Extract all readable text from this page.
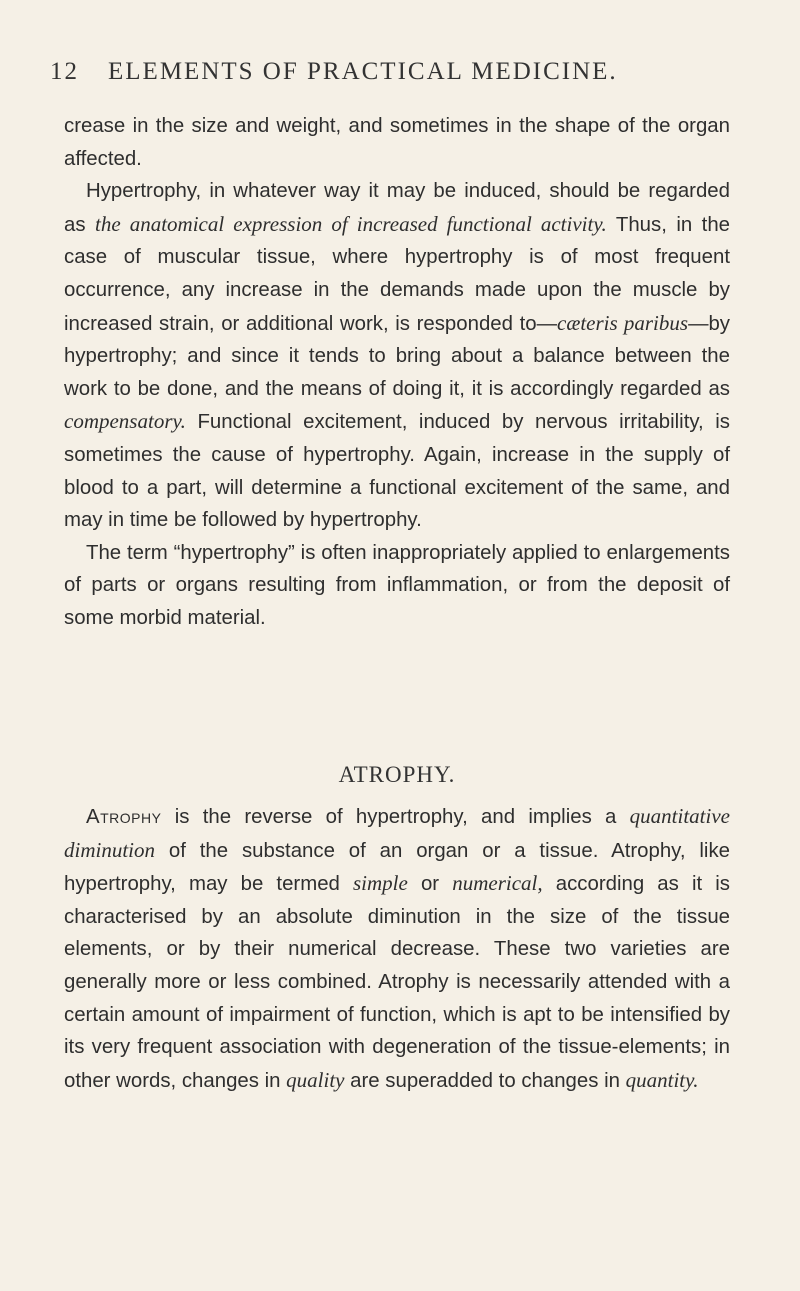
12 ELEMENTS OF PRACTICAL MEDICINE.

crease in the size and weight, and sometimes in the shape of the organ affected.

Hypertrophy, in whatever way it may be induced, should be regarded as the anatomical expression of increased functional activity. Thus, in the case of muscular tissue, where hypertrophy is of most frequent occurrence, any increase in the demands made upon the muscle by increased strain, or additional work, is responded to—cæteris paribus—by hypertrophy; and since it tends to bring about a balance between the work to be done, and the means of doing it, it is accordingly regarded as compensatory. Functional excitement, induced by nervous irritability, is sometimes the cause of hypertrophy. Again, increase in the supply of blood to a part, will determine a functional excitement of the same, and may in time be followed by hypertrophy.

The term “hypertrophy” is often inappropriately applied to enlargements of parts or organs resulting from inflammation, or from the deposit of some morbid material.

ATROPHY.

Atrophy is the reverse of hypertrophy, and implies a quantitative diminution of the substance of an organ or a tissue. Atrophy, like hypertrophy, may be termed simple or numerical, according as it is characterised by an absolute diminution in the size of the tissue elements, or by their numerical decrease. These two varieties are generally more or less combined. Atrophy is necessarily attended with a certain amount of impairment of function, which is apt to be intensified by its very frequent association with degeneration of the tissue-elements; in other words, changes in quality are superadded to changes in quantity.
